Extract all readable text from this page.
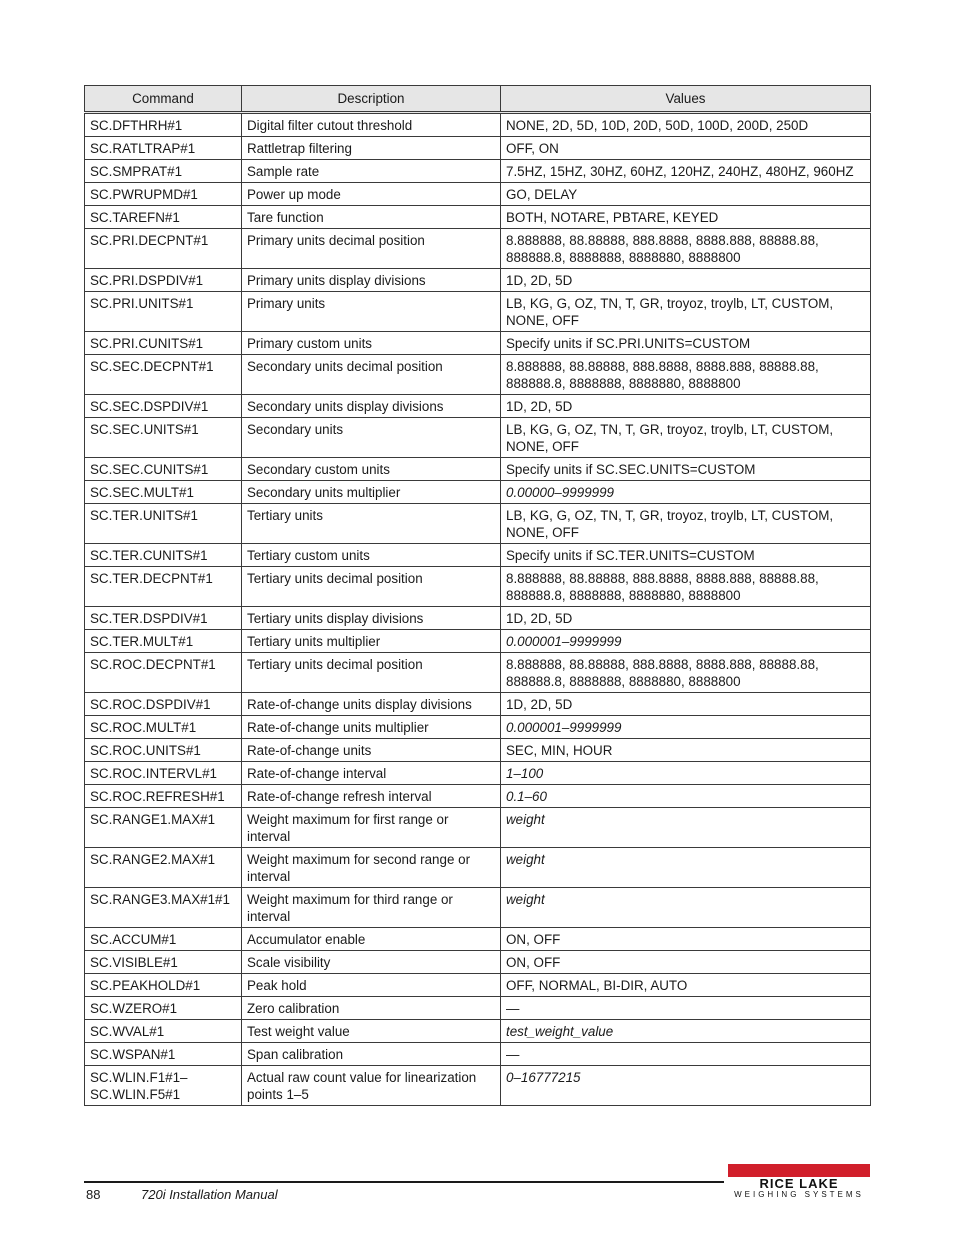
Command	Description	Values
SC.DFTHRH#1	Digital filter cutout threshold	NONE, 2D, 5D, 10D, 20D, 50D, 100D, 200D, 250D
SC.RATLTRAP#1	Rattletrap filtering	OFF, ON
SC.SMPRAT#1	Sample rate	7.5HZ, 15HZ, 30HZ, 60HZ, 120HZ, 240HZ, 480HZ, 960HZ
SC.PWRUPMD#1	Power up mode	GO, DELAY
SC.TAREFN#1	Tare function	BOTH, NOTARE, PBTARE, KEYED
SC.PRI.DECPNT#1	Primary units decimal position	8.888888, 88.88888, 888.8888, 8888.888, 88888.88, 888888.8, 8888888, 8888880, 8888800
SC.PRI.DSPDIV#1	Primary units display divisions	1D, 2D, 5D
SC.PRI.UNITS#1	Primary units	LB, KG, G, OZ, TN, T, GR, troyoz, troylb, LT, CUSTOM, NONE, OFF
SC.PRI.CUNITS#1	Primary custom units	Specify units if SC.PRI.UNITS=CUSTOM
SC.SEC.DECPNT#1	Secondary units decimal position	8.888888, 88.88888, 888.8888, 8888.888, 88888.88, 888888.8, 8888888, 8888880, 8888800
SC.SEC.DSPDIV#1	Secondary units display divisions	1D, 2D, 5D
SC.SEC.UNITS#1	Secondary units	LB, KG, G, OZ, TN, T, GR, troyoz, troylb, LT, CUSTOM, NONE, OFF
SC.SEC.CUNITS#1	Secondary custom units	Specify units if SC.SEC.UNITS=CUSTOM
SC.SEC.MULT#1	Secondary units multiplier	0.00000–9999999
SC.TER.UNITS#1	Tertiary units	LB, KG, G, OZ, TN, T, GR, troyoz, troylb, LT, CUSTOM, NONE, OFF
SC.TER.CUNITS#1	Tertiary custom units	Specify units if SC.TER.UNITS=CUSTOM
SC.TER.DECPNT#1	Tertiary units decimal position	8.888888, 88.88888, 888.8888, 8888.888, 88888.88, 888888.8, 8888888, 8888880, 8888800
SC.TER.DSPDIV#1	Tertiary units display divisions	1D, 2D, 5D
SC.TER.MULT#1	Tertiary units multiplier	0.000001–9999999
SC.ROC.DECPNT#1	Tertiary units decimal position	8.888888, 88.88888, 888.8888, 8888.888, 88888.88, 888888.8, 8888888, 8888880, 8888800
SC.ROC.DSPDIV#1	Rate-of-change units display divisions	1D, 2D, 5D
SC.ROC.MULT#1	Rate-of-change units multiplier	0.000001–9999999
SC.ROC.UNITS#1	Rate-of-change units	SEC, MIN, HOUR
SC.ROC.INTERVL#1	Rate-of-change interval	1–100
SC.ROC.REFRESH#1	Rate-of-change refresh interval	0.1–60
SC.RANGE1.MAX#1	Weight maximum for first range or interval	weight
SC.RANGE2.MAX#1	Weight maximum for second range or interval	weight
SC.RANGE3.MAX#1#1	Weight maximum for third range or interval	weight
SC.ACCUM#1	Accumulator enable	ON, OFF
SC.VISIBLE#1	Scale visibility	ON, OFF
SC.PEAKHOLD#1	Peak hold	OFF, NORMAL, BI-DIR, AUTO
SC.WZERO#1	Zero calibration	—
SC.WVAL#1	Test weight value	test_weight_value
SC.WSPAN#1	Span calibration	—
SC.WLIN.F1#1–
SC.WLIN.F5#1	Actual raw count value for linearization points 1–5	0–16777215
88	720i Installation Manual
RICE LAKE
WEIGHING SYSTEMS
